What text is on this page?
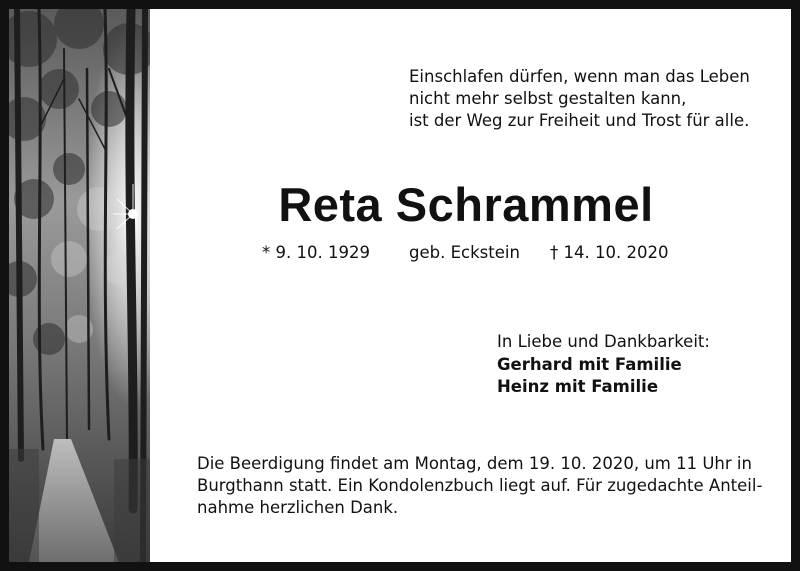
Einschlafen dürfen, wenn man das Leben
nicht mehr selbst gestalten kann,
ist der Weg zur Freiheit und Trost für alle.
Reta Schrammel
* 9. 10. 1929 geb. Eckstein † 14. 10. 2020
In Liebe und Dankbarkeit:
Gerhard mit Familie
Heinz mit Familie
Die Beerdigung findet am Montag, dem 19. 10. 2020, um 11 Uhr in
Burgthann statt. Ein Kondolenzbuch liegt auf. Für zugedachte Anteil-
nahme herzlichen Dank.
